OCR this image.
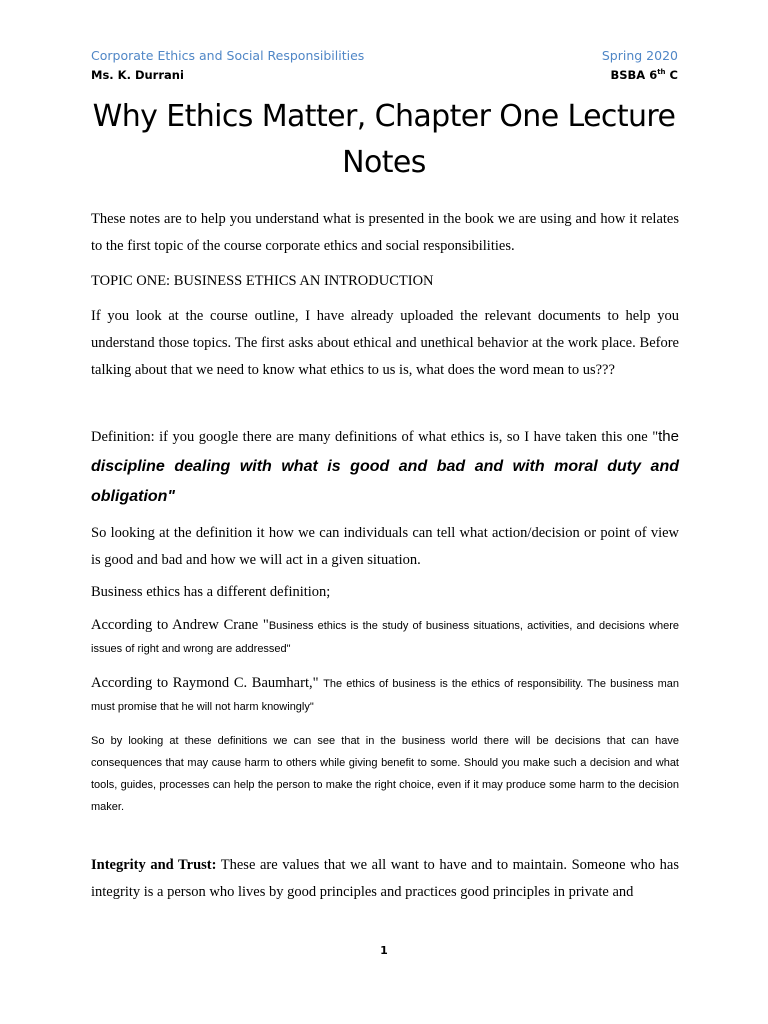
Corporate Ethics and Social Responsibilities	Spring 2020
Ms. K. Durrani	BSBA 6th C
Why Ethics Matter, Chapter One Lecture Notes

These notes are to help you understand what is presented in the book we are using and how it relates to the first topic of the course corporate ethics and social responsibilities.

TOPIC ONE: BUSINESS ETHICS AN INTRODUCTION

If you look at the course outline, I have already uploaded the relevant documents to help you understand those topics. The first asks about ethical and unethical behavior at the work place. Before talking about that we need to know what ethics to us is, what does the word mean to us???

Definition: if you google there are many definitions of what ethics is, so I have taken this one "the discipline dealing with what is good and bad and with moral duty and obligation"

So looking at the definition it how we can individuals can tell what action/decision or point of view is good and bad and how we will act in a given situation.

Business ethics has a different definition;

According to Andrew Crane "Business ethics is the study of business situations, activities, and decisions where issues of right and wrong are addressed"

According to Raymond C. Baumhart," The ethics of business is the ethics of responsibility. The business man must promise that he will not harm knowingly"

So by looking at these definitions we can see that in the business world there will be decisions that can have consequences that may cause harm to others while giving benefit to some. Should you make such a decision and what tools, guides, processes can help the person to make the right choice, even if it may produce some harm to the decision maker.

Integrity and Trust: These are values that we all want to have and to maintain. Someone who has integrity is a person who lives by good principles and practices good principles in private and

1
